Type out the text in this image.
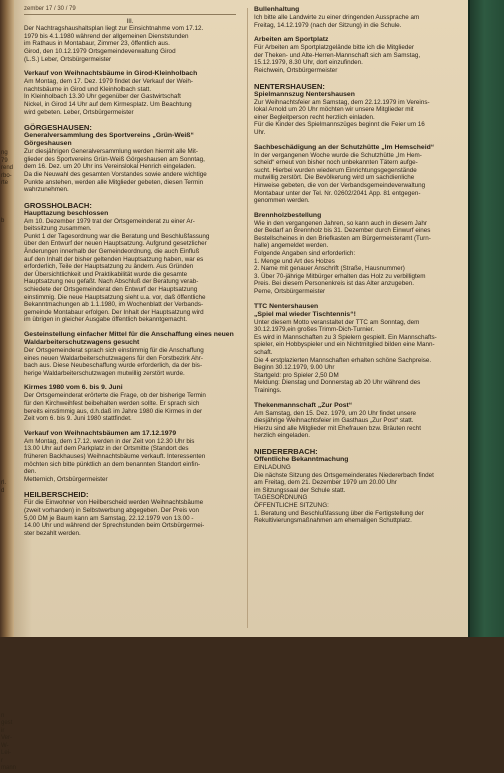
ng
79
rend
rbo-
rte

b

rl.
d

n gest
ir Ver-
W-Lei-
r
mann
zember 17 / 30 / 79
III.
Der Nachtragshaushaltsplan liegt zur Einsichtnahme vom 17.12.
1979 bis 4.1.1980 während der allgemeinen Dienststunden
im Rathaus in Montabaur, Zimmer 23, öffentlich aus.
Girod, den 10.12.1979 Ortsgemeindeverwaltung Girod
(L.S.) Leber, Ortsbürgermeister
Verkauf von Weihnachtsbäume in Girod-Kleinholbach
Am Montag, dem 17. Dez. 1979 findet der Verkauf der Weih-
nachtsbäume in Girod und Kleinholbach statt.
In Kleinholbach 13.30 Uhr gegenüber der Gastwirtschaft
Nickel, in Girod 14 Uhr auf dem Kirmesplatz. Um Beachtung
wird gebeten. Leber, Ortsbürgermeister
GÖRGESHAUSEN:
Generalversammlung des Sportvereins „Grün-Weiß“ Görgeshausen
Zur diesjährigen Generalversammlung werden hiermit alle Mit-
glieder des Sportvereins Grün-Weiß Görgeshausen am Sonntag,
dem 16. Dez. um 20 Uhr ins Vereinslokal Henrich eingeladen.
Da die Neuwahl des gesamten Vorstandes sowie andere wichtige
Punkte anstehen, werden alle Mitglieder gebeten, diesen Termin
wahrzunehmen.
GROSSHOLBACH:
Haupttazung beschlossen
Am 10. Dezember 1979 trat der Ortsgemeinderat zu einer Ar-
beitssitzung zusammen.
Punkt 1 der Tagesordnung war die Beratung und Beschlußfassung
über den Entwurf der neuen Hauptsatzung. Aufgrund gesetzlicher
Änderungen innerhalb der Gemeindeordnung, die auch Einfluß
auf den Inhalt der bisher geltenden Hauptsatzung haben, war es
erforderlich, Teile der Hauptsatzung zu ändern. Aus Gründen
der Übersichtlichkeit und Praktikabilität wurde die gesamte
Hauptsatzung neu gefaßt. Nach Abschluß der Beratung verab-
schiedete der Ortsgemeinderat den Entwurf der Hauptsatzung
einstimmig. Die neue Hauptsatzung sieht u.a. vor, daß öffentliche
Bekanntmachungen ab 1.1.1980, im Wochenblatt der Verbands-
gemeinde Montabaur erfolgen. Der Inhalt der Hauptsatzung wird
im übrigen in gleicher Ausgabe öffentlich bekanntgemacht.
Gesteinstellung einfacher Mittel für die Anschaffung eines neuen
Waldarbeiterschutzwagens gesucht
Der Ortsgemeinderat sprach sich einstimmig für die Anschaffung
eines neuen Waldarbeiterschutzwagens für den Forstbezirk Ahr-
bach aus. Diese Neubeschaffung wurde erforderlich, da der bis-
herige Waldarbeiterschutzwagen mutwillig zerstört wurde.
Kirmes 1980 vom 6. bis 9. Juni
Der Ortsgemeinderat erörterte die Frage, ob der bisherige Termin
für den Kirchweihfest beibehalten werden sollte. Er sprach sich
bereits einstimmig aus, d.h.daß im Jahre 1980 die Kirmes in der
Zeit vom 6. bis 9. Juni 1980 stattfindet.
Verkauf von Weihnachtsbäumen am 17.12.1979
Am Montag, dem 17.12. werden in der Zeit von 12.30 Uhr bis
13.00 Uhr auf dem Parkplatz in der Ortsmitte (Standort des
früheren Backhauses) Weihnachtsbäume verkauft. Interessenten
möchten sich bitte pünktlich an dem benannten Standort einfin-
den.
Metternich, Ortsbürgermeister
HEILBERSCHEID:
Für die Einwohner von Heilberscheid werden Weihnachtsbäume
(zweit vorhanden) in Selbstwerbung abgegeben. Der Preis von
5,00 DM je Baum kann am Samstag, 22.12.1979 von 13.00 -
14.00 Uhr und während der Sprechstunden beim Ortsbürgermei-
ster bezahlt werden.
Bullenhaltung
Ich bitte alle Landwirte zu einer dringenden Aussprache am
Freitag, 14.12.1979 (nach der Sitzung) in die Schule.
Arbeiten am Sportplatz
Für Arbeiten am Sportplatzgelände bitte ich die Mitglieder
der Theken- und Alte-Herren-Mannschaft sich am Samstag,
15.12.1979, 8.30 Uhr, dort einzufinden.
Reichwein, Ortsbürgermeister
NENTERSHAUSEN:
Spielmannszug Nentershausen
Zur Weihnachtsfeier am Samstag, dem 22.12.1979 im Vereins-
lokal Arnold um 20 Uhr möchten wir unsere Mitglieder mit
einer Begleitperson recht herzlich einladen.
Für die Kinder des Spielmannszüges beginnt die Feier um 16
Uhr.
Sachbeschädigung an der Schutzhütte „Im Hemscheid“
In der vergangenen Woche wurde die Schutzhütte „Im Hem-
scheid“ erneut von bisher noch unbekannten Tätern aufge-
sucht. Hierbei wurden wiederum Einrichtungsgegenstände
mutwillig zerstört. Die Bevölkerung wird um sachdienliche
Hinweise gebeten, die von der Verbandsgemeindeverwaltung
Montabaur unter der Tel. Nr. 02602/2041 App. 81 entgegen-
genommen werden.
Brennholzbestellung
Wie in den vergangenen Jahren, so kann auch in diesem Jahr
der Bedarf an Brennholz bis 31. Dezember durch Einwurf eines
Bestellscheines in den Briefkasten am Bürgermeisteramt (Turn-
halle) angemeldet werden.
Folgende Angaben sind erforderlich:
1. Menge und Art des Holzes
2. Name mit genauer Anschrift (Straße, Hausnummer)
3. Über 70-jährige Mitbürger erhalten das Holz zu verbilligtem
Preis. Bei diesem Personenkreis ist das Alter anzugeben.
Perne, Ortsbürgermeister
TTC Nentershausen
„Spiel mal wieder Tischtennis“!
Unter diesem Motto veranstaltet der TTC am Sonntag, dem
30.12.1979,ein großes Trimm-Dich-Turnier.
Es wird in Mannschaften zu 3 Spielern gespielt. Ein Mannschafts-
spieler, ein Hobbyspieler und ein Nichtmitglied bilden eine Mann-
schaft.
Die 4 erstplazierten Mannschaften erhalten schöne Sachpreise.
Beginn 30.12.1979, 9.00 Uhr
Startgeld: pro Spieler 2,50 DM
Meldung: Dienstag und Donnerstag ab 20 Uhr während des
Trainings.
Thekenmannschaft „Zur Post“
Am Samstag, den 15. Dez. 1979, um 20 Uhr findet unsere
diesjährige Weihnachtsfeier im Gasthaus „Zur Post“ statt.
Hierzu sind alle Mitglieder mit Ehefrauen bzw. Bräuten recht
herzlich eingeladen.
NIEDERERBACH:
Offentliche Bekanntmachung
EINLADUNG
Die nächste Sitzung des Ortsgemeinderates Niedererbach findet
am Freitag, dem 21. Dezember 1979 um 20.00 Uhr
im Sitzungssaal der Schule statt.
TAGESORDNUNG
ÖFFENTLICHE SITZUNG:
1. Beratung und Beschlußfassung über die Fertigstellung der
Rekultivierungsmaßnahmen am ehemaligen Schuttplatz.
